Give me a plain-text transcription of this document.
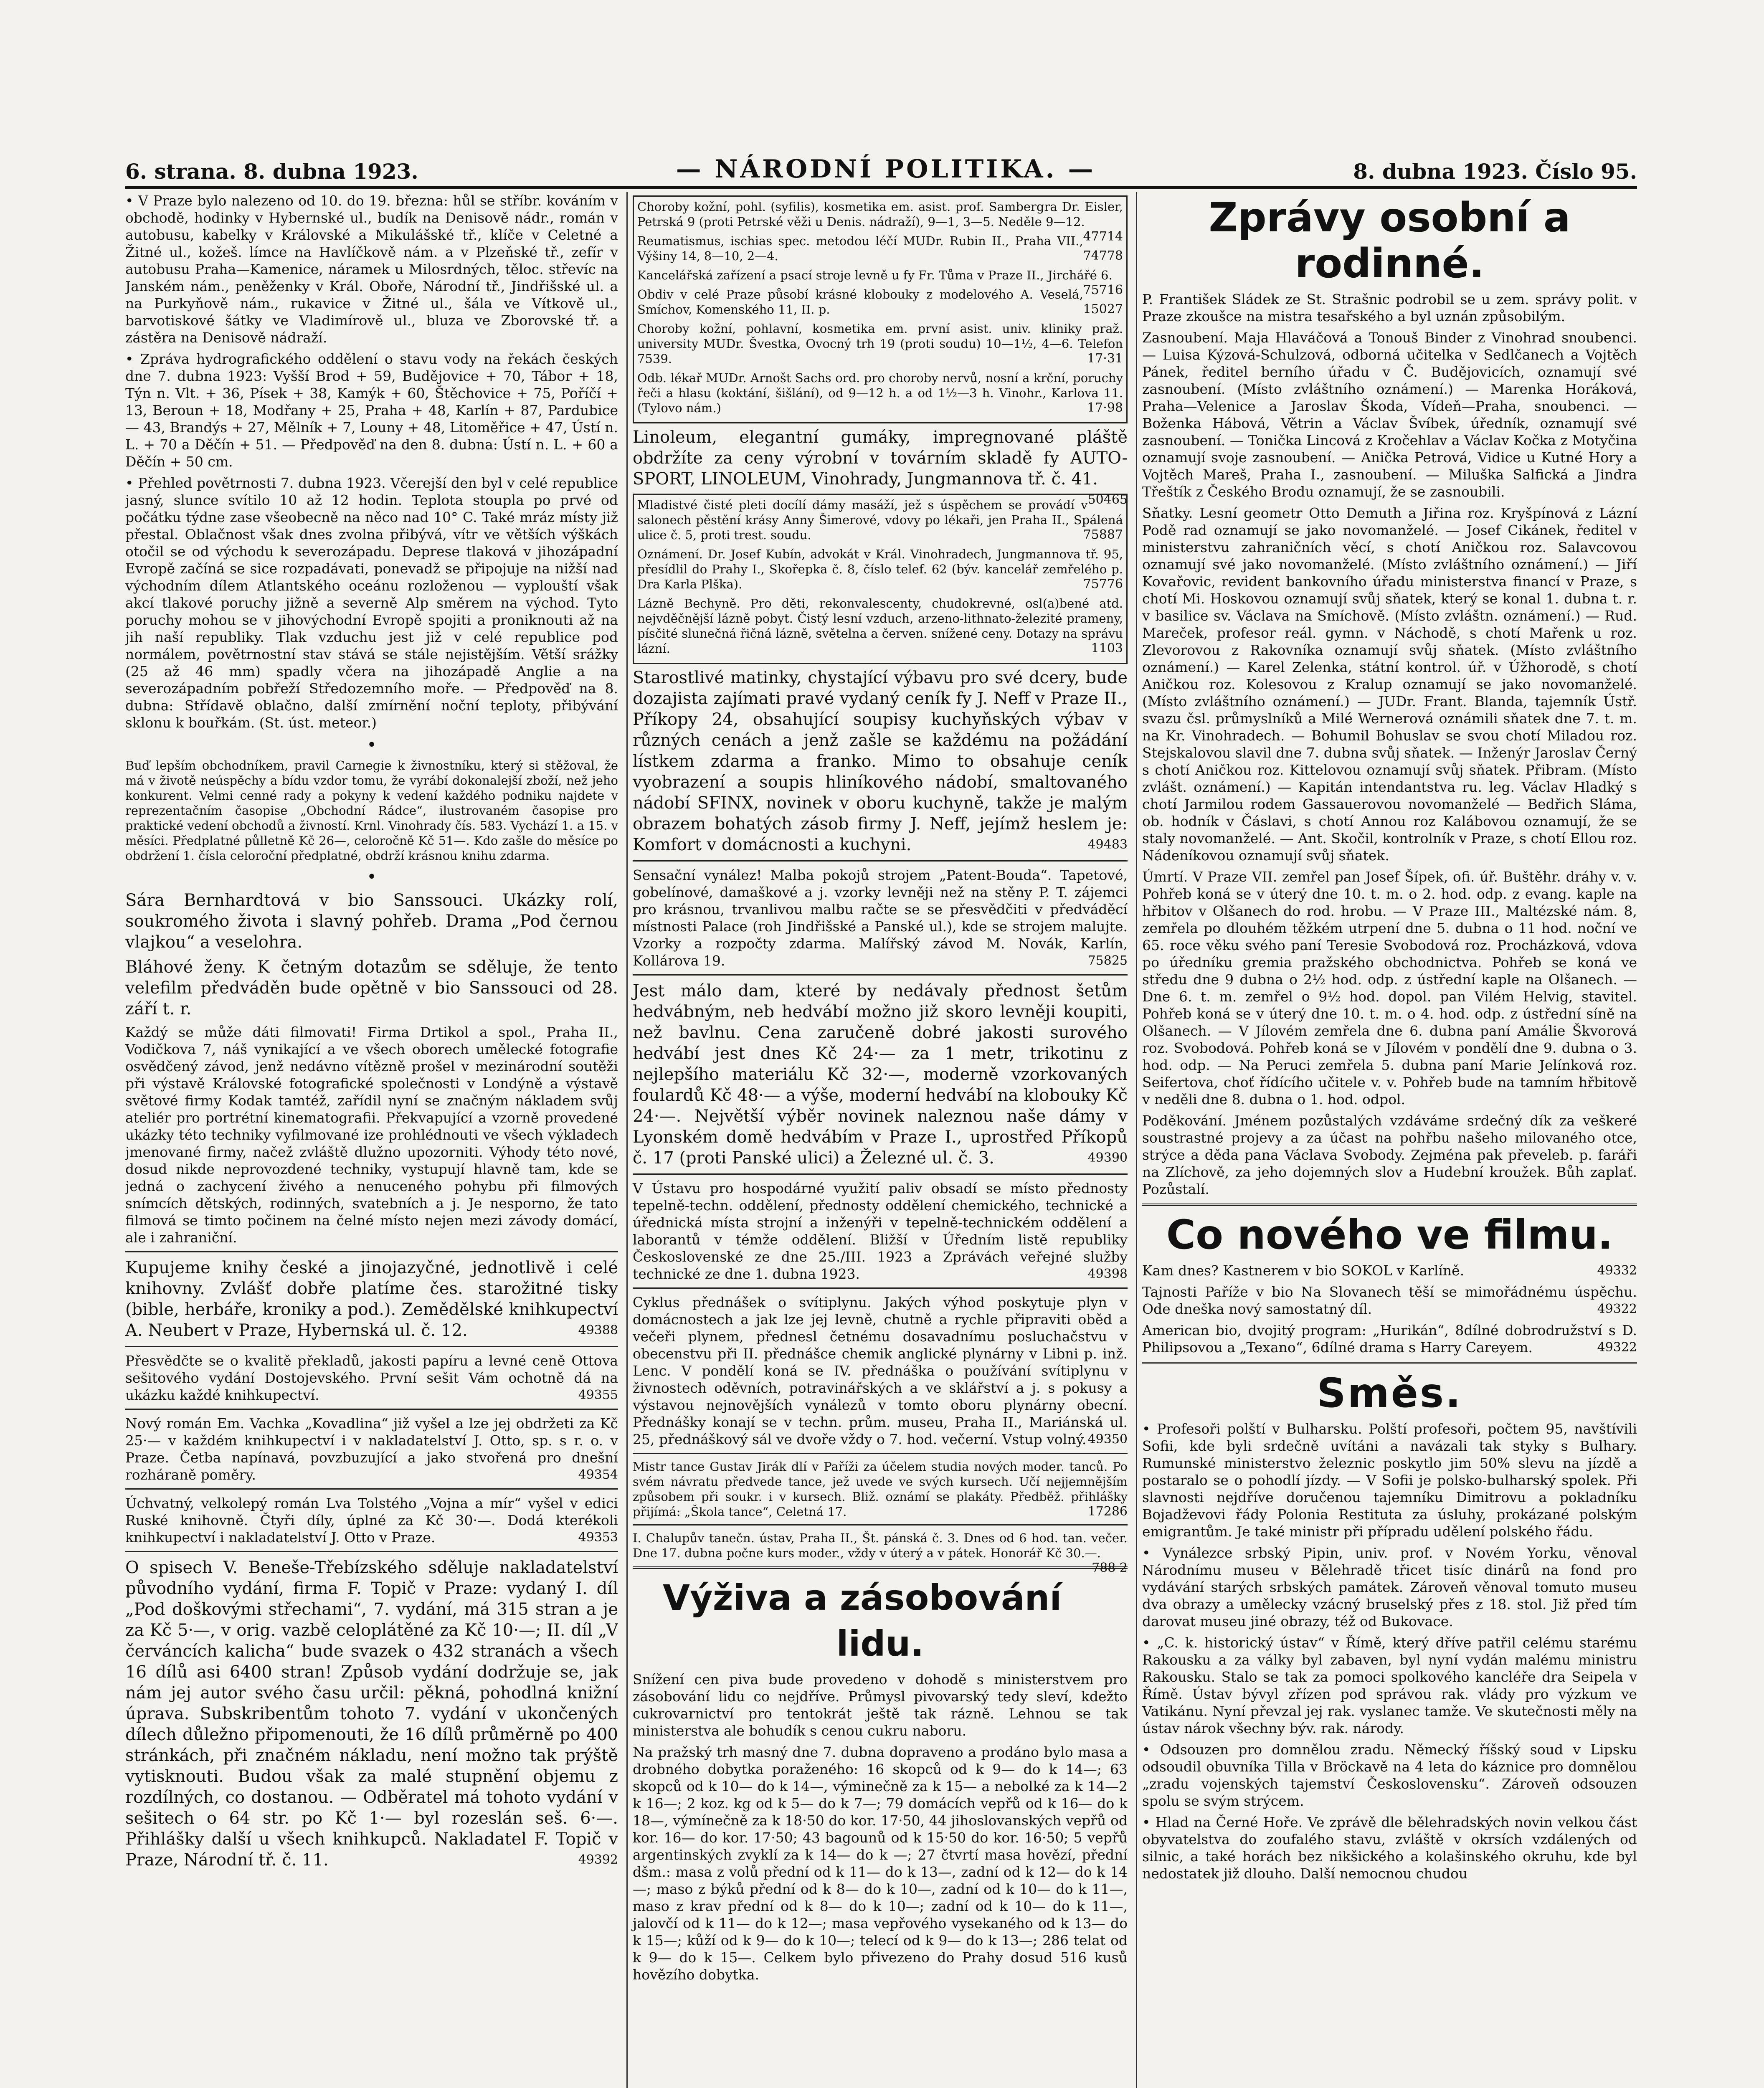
6. strana. 8. dubna 1923.	— NÁRODNÍ POLITIKA. —	8. dubna 1923. Číslo 95.

• V Praze bylo nalezeno od 10. do 19. března: hůl se stříbr. kováním v obchodě, hodinky v Hybernské ul., budík na Denisově nádr., román v autobusu, kabelky v Královské a Mikulášské tř., klíče v Celetné a Žitné ul., kožeš. límce na Havlíčkově nám. a v Plzeňské tř., zefír v autobusu Praha—Kamenice, náramek u Milosrdných, těloc. střevíc na Janském nám., peněženky v Král. Oboře, Národní tř., Jindřišské ul. a na Purkyňově nám., rukavice v Žitné ul., šála ve Vítkově ul., barvotiskové šátky ve Vladimírově ul., bluza ve Zborovské tř. a zástěra na Denisově nádraží.

• Zpráva hydrografického oddělení o stavu vody na řekách českých dne 7. dubna 1923: Vyšší Brod + 59, Budějovice + 70, Tábor + 18, Týn n. Vlt. + 36, Písek + 38, Kamýk + 60, Štěchovice + 75, Poříčí + 13, Beroun + 18, Modřany + 25, Praha + 48, Karlín + 87, Pardubice — 43, Brandýs + 27, Mělník + 7, Louny + 48, Litoměřice + 47, Ústí n. L. + 70 a Děčín + 51. — Předpověď na den 8. dubna: Ústí n. L. + 60 a Děčín + 50 cm.

• Přehled povětrnosti 7. dubna 1923. Včerejší den byl v celé republice jasný, slunce svítilo 10 až 12 hodin. Teplota stoupla po prvé od počátku týdne zase všeobecně na něco nad 10° C. Také mráz místy již přestal. Oblačnost však dnes zvolna přibývá, vítr ve větších výškách otočil se od východu k severozápadu. Deprese tlaková v jihozápadní Evropě začíná se sice rozpadávati, ponevadž se připojuje na nižší nad východním dílem Atlantského oceánu rozloženou — vyplouští však akcí tlakové poruchy jižně a severně Alp směrem na východ. Tyto poruchy mohou se v jihovýchodní Evropě spojiti a proniknouti až na jih naší republiky. Tlak vzduchu jest již v celé republice pod normálem, povětrnostní stav stává se stále nejistějším. Větší srážky (25 až 46 mm) spadly včera na jihozápadě Anglie a na severozápadním pobřeží Středozemního moře. — Předpověď na 8. dubna: Střídavě oblačno, další zmírnění noční teploty, přibývání sklonu k bouřkám. (St. úst. meteor.)

•

Buď lepším obchodníkem, pravil Carnegie k živnostníku, který si stěžoval, že má v životě neúspěchy a bídu vzdor tomu, že vyrábí dokonalejší zboží, než jeho konkurent. Velmi cenné rady a pokyny k vedení každého podniku najdete v reprezentačním časopise „Obchodní Rádce“, ilustrovaném časopise pro praktické vedení obchodů a živností. Krnl. Vinohrady čís. 583. Vychází 1. a 15. v měsíci. Předplatné půlletně Kč 26—, celoročně Kč 51—. Kdo zašle do měsíce po obdržení 1. čísla celoroční předplatné, obdrží krásnou knihu zdarma.

•

Sára Bernhardtová v bio Sanssouci. Ukázky rolí, soukromého života i slavný pohřeb. Drama „Pod černou vlajkou“ a veselohra.

Bláhové ženy. K četným dotazům se sděluje, že tento velefilm předváděn bude opětně v bio Sanssouci od 28. září t. r.

Každý se může dáti filmovati! Firma Drtikol a spol., Praha II., Vodičkova 7, náš vynikající a ve všech oborech umělecké fotografie osvědčený závod, jenž nedávno vítězně prošel v mezinárodní soutěži při výstavě Královské fotografické společnosti v Londýně a výstavě světové firmy Kodak tamtéž, zařídil nyní se značným nákladem svůj ateliér pro portrétní kinematografii. Překvapující a vzorně provedené ukázky této techniky vyfilmované ize prohlédnouti ve všech výkladech jmenované firmy, načež zvláště dlužno upozorniti. Výhody této nové, dosud nikde neprovozdené techniky, vystupují hlavně tam, kde se jedná o zachycení živého a nenuceného pohybu při filmových snímcích dětských, rodinných, svatebních a j. Je nesporno, že tato filmová se timto počinem na čelné místo nejen mezi závody domácí, ale i zahraniční.

Kupujeme knihy české a jinojazyčné, jednotlivě i celé knihovny. Zvlášť dobře platíme čes. starožitné tisky (bible, herbáře, kroniky a pod.). Zemědělské knihkupectví A. Neubert v Praze, Hybernská ul. č. 12.	49388

Přesvědčte se o kvalitě překladů, jakosti papíru a levné ceně Ottova sešitového vydání Dostojevského. První sešit Vám ochotně dá na ukázku každé knihkupectví.	49355

Nový román Em. Vachka „Kovadlina“ již vyšel a lze jej obdržeti za Kč 25·— v každém knihkupectví i v nakladatelství J. Otto, sp. s r. o. v Praze. Četba napínavá, povzbuzující a jako stvořená pro dnešní rozháraně poměry.	49354

Úchvatný, velkolepý román Lva Tolstého „Vojna a mír“ vyšel v edici Ruské knihovně. Čtyři díly, úplné za Kč 30·—. Dodá kterékoli knihkupectví i nakladatelství J. Otto v Praze.	49353

O spisech V. Beneše-Třebízského sděluje nakladatelství původního vydání, firma F. Topič v Praze: vydaný I. díl „Pod doškovými střechami“, 7. vydání, má 315 stran a je za Kč 5·—, v orig. vazbě celoplátěné za Kč 10·—; II. díl „V červáncích kalicha“ bude svazek o 432 stranách a všech 16 dílů asi 6400 stran! Způsob vydání dodržuje se, jak nám jej autor svého času určil: pěkná, pohodlná knižní úprava. Subskribentům tohoto 7. vydání v ukončených dílech důležno připomenouti, že 16 dílů průměrně po 400 stránkách, při značném nákladu, není možno tak prýště vytisknouti. Budou však za malé stupnění objemu z rozdílných, co dostanou. — Odběratel má tohoto vydání v sešitech o 64 str. po Kč 1·— byl rozeslán seš. 6·—. Přihlášky další u všech knihkupců. Nakladatel F. Topič v Praze, Národní tř. č. 11.	49392

Choroby kožní, pohl. (syfilis), kosmetika em. asist. prof. Sambergra Dr. Eisler, Petrská 9 (proti Petrské věži u Denis. nádraží), 9—1, 3—5. Neděle 9—12.
47714

Reumatismus, ischias spec. metodou léčí MUDr. Rubin II., Praha VII., Výšiny 14, 8—10, 2—4.	74778

Kancelářská zařízení a psací stroje levně u fy Fr. Tůma v Praze II., Jirchářé 6.
75716

Obdiv v celé Praze působí krásné klobouky z modelového A. Veselá, Smíchov, Komenského 11, II. p.	15027

Choroby kožní, pohlavní, kosmetika em. první asist. univ. kliniky praž. university MUDr. Švestka, Ovocný trh 19 (proti soudu) 10—1½, 4—6. Telefon 7539.	17·31

Odb. lékař MUDr. Arnošt Sachs ord. pro choroby nervů, nosní a krční, poruchy řeči a hlasu (koktání, šišlání), od 9—12 h. a od 1½—3 h. Vinohr., Karlova 11. (Tylovo nám.)	17·98

Linoleum, elegantní gumáky, impregnované pláště obdržíte za ceny výrobní v továrním skladě fy AUTO-SPORT, LINOLEUM, Vinohrady, Jungmannova tř. č. 41.
50465

Mladistvé čisté pleti docílí dámy masáží, jež s úspěchem se provádí v salonech pěstění krásy Anny Šimerové, vdovy po lékaři, jen Praha II., Spálená ulice č. 5, proti trest. soudu.	75887

Oznámení. Dr. Josef Kubín, advokát v Král. Vinohradech, Jungmannova tř. 95, přesídlil do Prahy I., Skořepka č. 8, číslo telef. 62 (býv. kancelář zemřelého p. Dra Karla Plška).	75776

Lázně Bechyně. Pro děti, rekonvalescenty, chudokrevné, osl(a)bené atd. nejvděčnější lázně pobyt. Čistý lesní vzduch, arzeno-lithnato-železité prameny, písčité slunečná řičná lázně, světelna a červen. snížené ceny. Dotazy na správu lázní.	1103

Starostlivé matinky, chystající výbavu pro své dcery, bude dozajista zajímati pravé vydaný ceník fy J. Neff v Praze II., Příkopy 24, obsahující soupisy kuchyňských výbav v různých cenách a jenž zašle se každému na požádání lístkem zdarma a franko. Mimo to obsahuje ceník vyobrazení a soupis hliníkového nádobí, smaltovaného nádobí SFINX, novinek v oboru kuchyně, takže je malým obrazem bohatých zásob firmy J. Neff, jejímž heslem je: Komfort v domácnosti a kuchyni.	49483

Sensační vynález! Malba pokojů strojem „Patent-Bouda“. Tapetové, gobelínové, damaškové a j. vzorky levněji než na stěny P. T. zájemci pro krásnou, trvanlivou malbu račte se se přesvědčiti v předváděcí místnosti Palace (roh Jindřišské a Panské ul.), kde se strojem malujte. Vzorky a rozpočty zdarma. Malířský závod M. Novák, Karlín, Kollárova 19.	75825

Jest málo dam, které by nedávaly přednost šetům hedvábným, neb hedvábí možno již skoro levněji koupiti, než bavlnu. Cena zaručeně dobré jakosti surového hedvábí jest dnes Kč 24·— za 1 metr, trikotinu z nejlepšího materiálu Kč 32·—, moderně vzorkovaných foulardů Kč 48·— a výše, moderní hedvábí na klobouky Kč 24·—. Největší výběr novinek naleznou naše dámy v Lyonském domě hedvábím v Praze I., uprostřed Příkopů č. 17 (proti Panské ulici) a Železné ul. č. 3.	49390

V Ústavu pro hospodárné využití paliv obsadí se místo přednosty tepelně-techn. oddělení, přednosty oddělení chemického, technické a úřednická místa strojní a inženýři v tepelně-technickém oddělení a laborantů v témže oddělení. Bližší v Úředním listě republiky Československé ze dne 25./III. 1923 a Zprávách veřejné služby technické ze dne 1. dubna 1923.	49398

Cyklus přednášek o svítiplynu. Jakých výhod poskytuje plyn v domácnostech a jak lze jej levně, chutně a rychle připraviti oběd a večeři plynem, přednesl četnému dosavadnímu posluchačstvu v obecenstvu při II. přednášce chemik anglické plynárny v Libni p. inž. Lenc. V pondělí koná se IV. přednáška o používání svítiplynu v živnostech oděvních, potravinářských a ve sklářství a j. s pokusy a výstavou nejnovějších vynálezů v tomto oboru plynárny obecní. Přednášky konají se v techn. prům. museu, Praha II., Mariánská ul. 25, přednáškový sál ve dvoře vždy o 7. hod. večerní. Vstup volný. 49350

Mistr tance Gustav Jirák dlí v Paříži za účelem studia nových moder. tanců. Po svém návratu předvede tance, jež uvede ve svých kursech. Učí nejjemnějším způsobem při soukr. i v kursech. Bliž. oznámí se plakáty. Předběž. přihlášky přijímá: „Škola tance“, Celetná 17.	17286

I. Chalupův tanečn. ústav, Praha II., Št. pánská č. 3. Dnes od 6 hod. tan. večer. Dne 17. dubna počne kurs moder., vždy v úterý a v pátek. Honorář Kč 30.—.
788 2

Výživa a zásobování lidu.

Snížení cen piva bude provedeno v dohodě s ministerstvem pro zásobování lidu co nejdříve. Průmysl pivovarský tedy sleví, kdežto cukrovarnictví pro tentokrát ještě tak rázně. Lehnou se tak ministerstva ale bohudík s cenou cukru naboru.

Na pražský trh masný dne 7. dubna dopraveno a prodáno bylo masa a drobného dobytka poraženého: 16 skopců od k 9— do k 14—; 63 skopců od k 10— do k 14—, výminečně za k 15— a nebolké za k 14—2 k 16—; 2 koz. kg od k 5— do k 7—; 79 domácích vepřů od k 16— do k 18—, výmínečně za k 18·50 do kor. 17·50, 44 jihoslovanských vepřů od kor. 16— do kor. 17·50; 43 bagounů od k 15·50 do kor. 16·50; 5 vepřů argentinských zvyklí za k 14— do k —; 27 čtvrtí masa hovězí, přední dšm.: masa z volů přední od k 11— do k 13—, zadní od k 12— do k 14—; maso z býků přední od k 8— do k 10—, zadní od k 10— do k 11—, maso z krav přední od k 8— do k 10—; zadní od k 10— do k 11—, jalovčí od k 11— do k 12—; masa vepřového vysekaného od k 13— do k 15—; kůží od k 9— do k 10—; telecí od k 9— do k 13—; 286 telat od k 9— do k 15—. Celkem bylo přivezeno do Prahy dosud 516 kusů hovězího dobytka.

Zprávy osobní a rodinné.

P. František Sládek ze St. Strašnic podrobil se u zem. správy polit. v Praze zkoušce na mistra tesařského a byl uznán způsobilým.

Zasnoubení. Maja Hlaváčová a Tonouš Binder z Vinohrad snoubenci. — Luisa Kýzová-Schulzová, odborná učitelka v Sedlčanech a Vojtěch Pánek, ředitel berního úřadu v Č. Budějovicích, oznamují své zasnoubení. (Místo zvláštního oznámení.) — Marenka Horáková, Praha—Velenice a Jaroslav Škoda, Vídeň—Praha, snoubenci. — Boženka Hábová, Větrin a Václav Švíbek, úředník, oznamují své zasnoubení. — Tonička Lincová z Kročehlav a Václav Kočka z Motyčina oznamují svoje zasnoubení. — Anička Petrová, Vidice u Kutné Hory a Vojtěch Mareš, Praha I., zasnoubení. — Miluška Salfická a Jindra Třeštík z Českého Brodu oznamují, že se zasnoubili.

Sňatky. Lesní geometr Otto Demuth a Jiřina roz. Kryšpínová z Lázní Podě rad oznamují se jako novomanželé. — Josef Cikánek, ředitel v ministerstvu zahraničních věcí, s chotí Aničkou roz. Salavcovou oznamují své jako novomanželé. (Místo zvláštního oznámení.) — Jiří Kovařovic, revident bankovního úřadu ministerstva financí v Praze, s chotí Mi. Hoskovou oznamují svůj sňatek, který se konal 1. dubna t. r. v basilice sv. Václava na Smíchově. (Místo zvláštn. oznámení.) — Rud. Mareček, profesor reál. gymn. v Náchodě, s chotí Mařenk u roz. Zlevorovou z Rakovníka oznamují svůj sňatek. (Místo zvláštního oznámení.) — Karel Zelenka, státní kontrol. úř. v Úžhorodě, s chotí Aničkou roz. Kolesovou z Kralup oznamují se jako novomanželé. (Místo zvláštního oznámení.) — JUDr. Frant. Blanda, tajemník Ústř. svazu čsl. průmyslníků a Milé Wernerová oznámili sňatek dne 7. t. m. na Kr. Vinohradech. — Bohumil Bohuslav se svou chotí Miladou roz. Stejskalovou slavil dne 7. dubna svůj sňatek. — Inženýr Jaroslav Černý s chotí Aničkou roz. Kittelovou oznamují svůj sňatek. Přibram. (Místo zvlášt. oznámení.) — Kapitán intendantstva ru. leg. Václav Hladký s chotí Jarmilou rodem Gassauerovou novomanželé — Bedřich Sláma, ob. hodník v Čáslavi, s chotí Annou roz Kalábovou oznamují, že se staly novomanželé. — Ant. Skočil, kontrolník v Praze, s chotí Ellou roz. Nádeníkovou oznamují svůj sňatek.

Úmrtí. V Praze VII. zemřel pan Josef Šípek, ofi. úř. Buštěhr. dráhy v. v. Pohřeb koná se v úterý dne 10. t. m. o 2. hod. odp. z evang. kaple na hřbitov v Olšanech do rod. hrobu. — V Praze III., Maltézské nám. 8, zemřela po dlouhém těžkém utrpení dne 5. dubna o 11 hod. noční ve 65. roce věku svého paní Teresie Svobodová roz. Procházková, vdova po úředníku gremia pražského obchodnictva. Pohřeb se koná ve středu dne 9 dubna o 2½ hod. odp. z ústřední kaple na Olšanech. — Dne 6. t. m. zemřel o 9½ hod. dopol. pan Vilém Helvig, stavitel. Pohřeb koná se v úterý dne 10. t. m. o 4. hod. odp. z ústřední síně na Olšanech. — V Jílovém zemřela dne 6. dubna paní Amálie Škvorová roz. Svobodová. Pohřeb koná se v Jílovém v pondělí dne 9. dubna o 3. hod. odp. — Na Peruci zemřela 5. dubna paní Marie Jelínková roz. Seifertova, choť řídícího učitele v. v. Pohřeb bude na tamním hřbitově v neděli dne 8. dubna o 1. hod. odpol.

Poděkování. Jménem pozůstalých vzdáváme srdečný dík za veškeré soustrastné projevy a za účast na pohřbu našeho milovaného otce, strýce a děda pana Václava Svobody. Zejména pak převeleb. p. faráři na Zlíchově, za jeho dojemných slov a Hudební kroužek. Bůh zaplať. Pozůstalí.

Co nového ve filmu.

Kam dnes? Kastnerem v bio SOKOL v Karlíně.	49332

Tajnosti Paříže v bio Na Slovanech těší se mimořádnému úspěchu. Ode dneška nový samostatný díl.	49322

American bio, dvojitý program: „Hurikán“, 8dílné dobrodružství s D. Philipsovou a „Texano“, 6dílné drama s Harry Careyem.	49322

Směs.

• Profesoři polští v Bulharsku. Polští profesoři, počtem 95, navštívili Sofii, kde byli srdečně uvítáni a navázali tak styky s Bulhary. Rumunské ministerstvo železnic poskytlo jim 50% slevu na jízdě a postaralo se o pohodlí jízdy. — V Sofii je polsko-bulharský spolek. Při slavnosti nejdříve doručenou tajemníku Dimitrovu a pokladníku Bojadževovi řády Polonia Restituta za úsluhy, prokázané polským emigrantům. Je také ministr při přípradu udělení polského řádu.

• Vynálezce srbský Pipin, univ. prof. v Novém Yorku, věnoval Národnímu museu v Bělehradě třicet tisíc dinárů na fond pro vydávání starých srbských památek. Zároveň věnoval tomuto museu dva obrazy a umělecky vzácný bruselský přes z 18. stol. Již před tím darovat museu jiné obrazy, též od Bukovace.

• „C. k. historický ústav“ v Římě, který dříve patřil celému starému Rakousku a za války byl zabaven, byl nyní vydán malému ministru Rakousku. Stalo se tak za pomoci spolkového kancléře dra Seipela v Římě. Ústav bývyl zřízen pod správou rak. vlády pro výzkum ve Vatikánu. Nyní převzal jej rak. vyslanec tamže. Ve skutečnosti měly na ústav nárok všechny býv. rak. národy.

• Odsouzen pro domnělou zradu. Německý říšský soud v Lipsku odsoudil obuvníka Tilla v Bröckavě na 4 leta do káznice pro domnělou „zradu vojenských tajemství Československu“. Zároveň odsouzen spolu se svým strýcem.

• Hlad na Černé Hoře. Ve zprávě dle bělehradských novin velkou část obyvatelstva do zoufalého stavu, zvláště v okrsích vzdálených od silnic, a také horách bez nikšického a kolašinského okruhu, kde byl nedostatek již dlouho. Další nemocnou chudou
